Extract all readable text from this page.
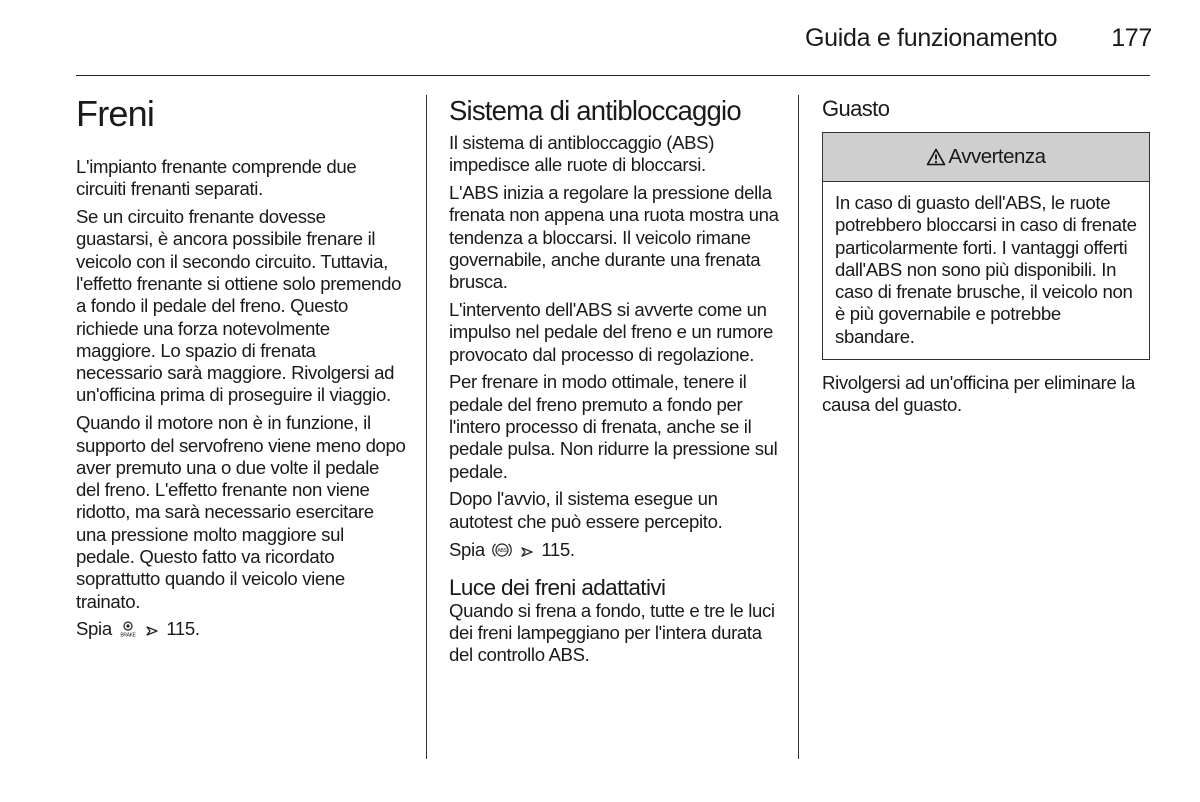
Guida e funzionamento 177
Freni

L'impianto frenante comprende due circuiti frenanti separati.

Se un circuito frenante dovesse guastarsi, è ancora possibile frenare il veicolo con il secondo circuito. Tuttavia, l'effetto frenante si ottiene solo premendo a fondo il pedale del freno. Questo richiede una forza notevolmente maggiore. Lo spazio di frenata necessario sarà maggiore. Rivolgersi ad un'officina prima di proseguire il viaggio.

Quando il motore non è in funzione, il supporto del servofreno viene meno dopo aver premuto una o due volte il pedale del freno. L'effetto frenante non viene ridotto, ma sarà necessario esercitare una pressione molto maggiore sul pedale. Questo fatto va ricordato soprattutto quando il veicolo viene trainato.

Spia BRAKE 115.

Sistema di antibloccaggio

Il sistema di antibloccaggio (ABS) impedisce alle ruote di bloccarsi.

L'ABS inizia a regolare la pressione della frenata non appena una ruota mostra una tendenza a bloccarsi. Il veicolo rimane governabile, anche durante una frenata brusca.

L'intervento dell'ABS si avverte come un impulso nel pedale del freno e un rumore provocato dal processo di regolazione.

Per frenare in modo ottimale, tenere il pedale del freno premuto a fondo per l'intero processo di frenata, anche se il pedale pulsa. Non ridurre la pressione sul pedale.

Dopo l'avvio, il sistema esegue un autotest che può essere percepito.

Spia ABS 115.

Luce dei freni adattativi

Quando si frena a fondo, tutte e tre le luci dei freni lampeggiano per l'intera durata del controllo ABS.

Guasto
Avvertenza
In caso di guasto dell'ABS, le ruote potrebbero bloccarsi in caso di frenate particolarmente forti. I vantaggi offerti dall'ABS non sono più disponibili. In caso di frenate brusche, il veicolo non è più governabile e potrebbe sbandare.

Rivolgersi ad un'officina per eliminare la causa del guasto.
